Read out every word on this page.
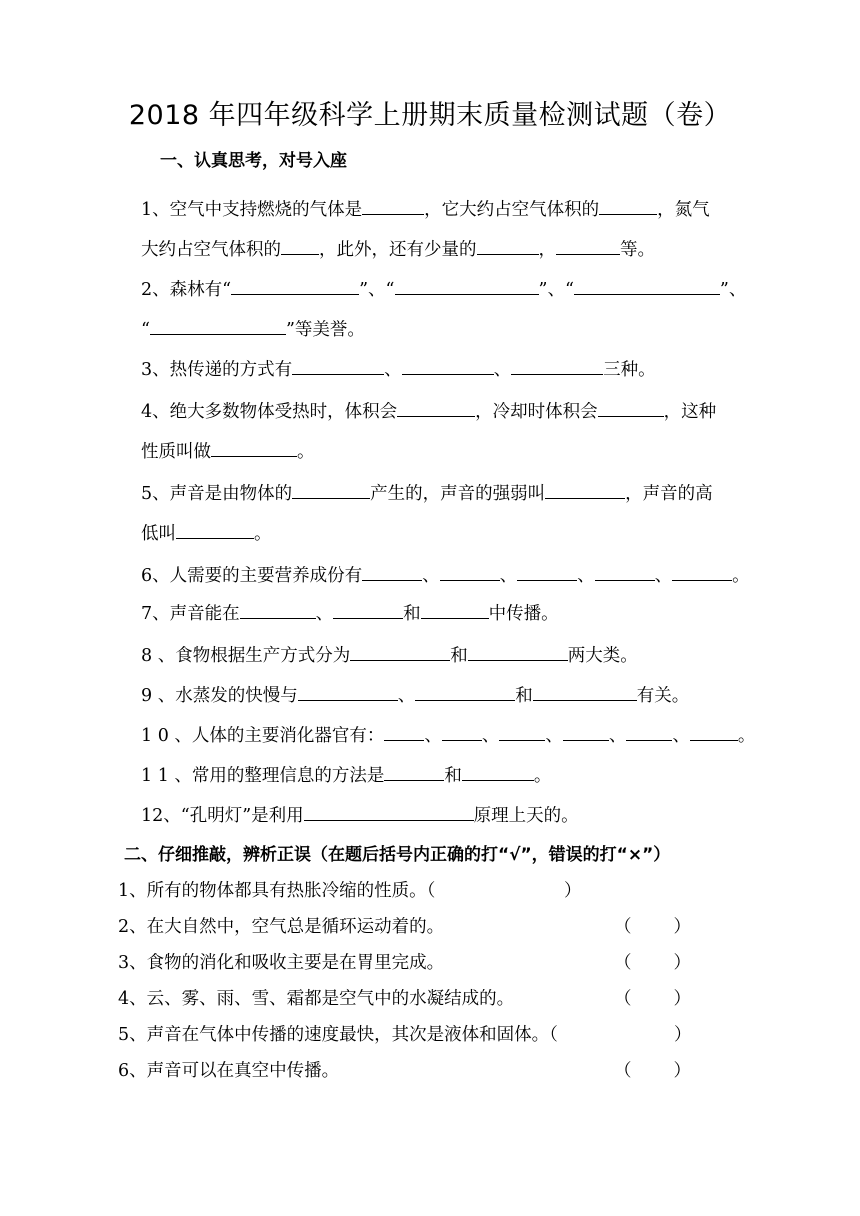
2018 年四年级科学上册期末质量检测试题（卷）
一、认真思考，对号入座
1、空气中支持燃烧的气体是	，它大约占空气体积的	，氮气
大约占空气体积的 ，此外，还有少量的	，	等。
2、森林有“	”、“	”、“	”、
“	”等美誉。
3、热传递的方式有	、	、	三种。
4、绝大多数物体受热时，体积会	，冷却时体积会	，这种
性质叫做	。
5、声音是由物体的	产生的，声音的强弱叫	，声音的高
低叫	。
6、人需要的主要营养成份有	、	、	、	、	。
7、声音能在	、	和	中传播。
8 、食物根据生产方式分为	和	两大类。
9 、水蒸发的快慢与	、	和	有关。
1 0 、人体的主要消化器官有： 、 、	、	、	、	。
1 1 、常用的整理信息的方法是	和	。
12、“孔明灯”是利用	原理上天的。
二、仔细推敲，辨析正误（在题后括号内正确的打“√”，错误的打“×”）
1、所有的物体都具有热胀冷缩的性质。（	）
2、在大自然中，空气总是循环运动着的。	（ ）
3、食物的消化和吸收主要是在胃里完成。	（ ）
4、云、雾、雨、雪、霜都是空气中的水凝结成的。	（ ）
5、声音在气体中传播的速度最快，其次是液体和固体。（	）
6、声音可以在真空中传播。	（ ）
